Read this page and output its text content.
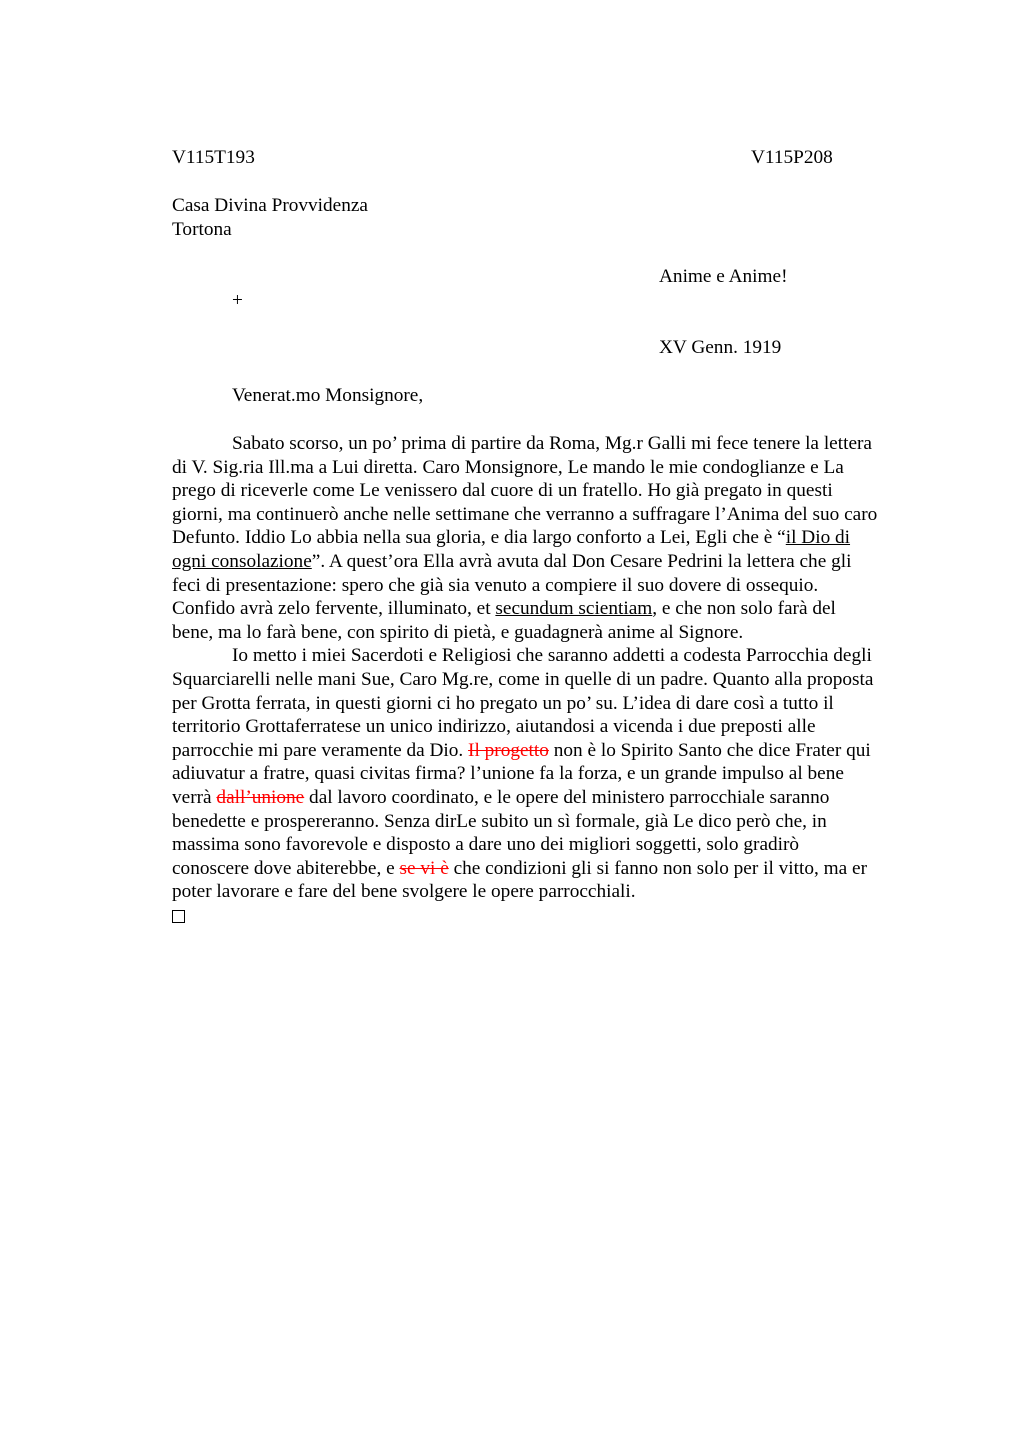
V115T193	V115P208
Casa Divina Provvidenza
Tortona
Anime e Anime!
+
XV Genn. 1919
Venerat.mo Monsignore,
Sabato scorso, un po’ prima di partire da Roma, Mg.r Galli mi fece tenere la lettera
di V. Sig.ria Ill.ma a Lui diretta. Caro Monsignore, Le mando le mie condoglianze e La
prego di riceverle come Le venissero dal cuore di un fratello. Ho già pregato in questi
giorni, ma continuerò anche nelle settimane che verranno a suffragare l’Anima del suo caro
Defunto. Iddio Lo abbia nella sua gloria, e dia largo conforto a Lei, Egli che è “il Dio di
ogni consolazione”. A quest’ora Ella avrà avuta dal Don Cesare Pedrini la lettera che gli
feci di presentazione: spero che già sia venuto a compiere il suo dovere di ossequio.
Confido avrà zelo fervente, illuminato, et secundum scientiam, e che non solo farà del
bene, ma lo farà bene, con spirito di pietà, e guadagnerà anime al Signore.
Io metto i miei Sacerdoti e Religiosi che saranno addetti a codesta Parrocchia degli
Squarciarelli nelle mani Sue, Caro Mg.re, come in quelle di un padre. Quanto alla proposta
per Grotta ferrata, in questi giorni ci ho pregato un po’ su. L’idea di dare così a tutto il
territorio Grottaferratese un unico indirizzo, aiutandosi a vicenda i due preposti alle
parrocchie mi pare veramente da Dio. Il progetto non è lo Spirito Santo che dice Frater qui
adiuvatur a fratre, quasi civitas firma? l’unione fa la forza, e un grande impulso al bene
verrà dall’unione dal lavoro coordinato, e le opere del ministero parrocchiale saranno
benedette e prospereranno. Senza dirLe subito un sì formale, già Le dico però che, in
massima sono favorevole e disposto a dare uno dei migliori soggetti, solo gradirò
conoscere dove abiterebbe, e se vi è che condizioni gli si fanno non solo per il vitto, ma er
poter lavorare e fare del bene svolgere le opere parrocchiali.
